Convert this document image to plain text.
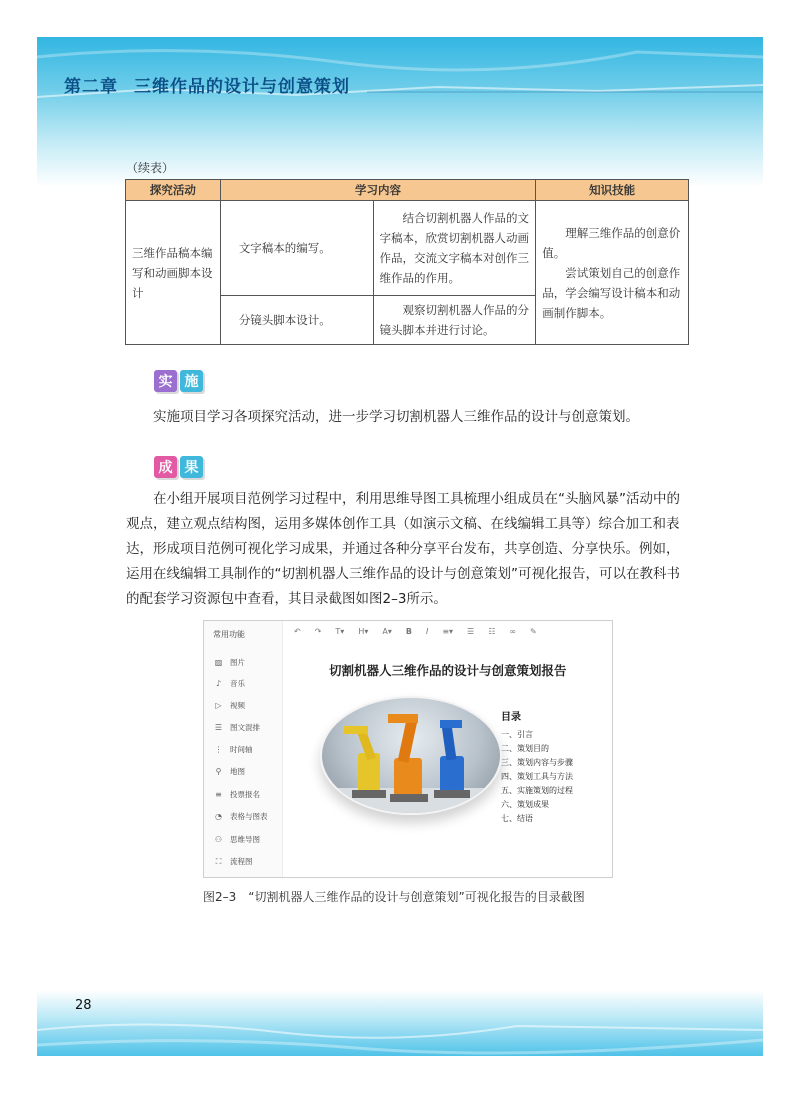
第二章 三维作品的设计与创意策划
（续表）
探究活动	学习内容		知识技能
三维作品稿本编写和动画脚本设计	文字稿本的编写。	结合切割机器人作品的文字稿本，欣赏切割机器人动画作品，交流文字稿本对创作三维作品的作用。	理解三维作品的创意价值。

尝试策划自己的创意作品，学会编写设计稿本和动画制作脚本。

	分镜头脚本设计。	观察切割机器人作品的分镜头脚本并进行讨论。	
实 施

实施项目学习各项探究活动，进一步学习切割机器人三维作品的设计与创意策划。

成 果

在小组开展项目范例学习过程中，利用思维导图工具梳理小组成员在“头脑风暴”活动中的观点，建立观点结构图，运用多媒体创作工具（如演示文稿、在线编辑工具等）综合加工和表达，形成项目范例可视化学习成果，并通过各种分享平台发布，共享创造、分享快乐。例如，运用在线编辑工具制作的“切割机器人三维作品的设计与创意策划”可视化报告，可以在教科书的配套学习资源包中查看，其目录截图如图2–3所示。

常用功能
▨ 图片
♪ 音乐
▷ 视频
☰ 图文混排
⋮ 时间轴
⚲ 地图
≡ 投票报名
◔ 表格与图表
⚇ 思维导图
⛶ 流程图
↶ ↷ T▾ H▾ A▾ B I ≡▾ ☰ ☷ ∞ ✎
切割机器人三维作品的设计与创意策划报告
目录
一、引言
二、策划目的
三、策划内容与步骤
四、策划工具与方法
五、实施策划的过程
六、策划成果
七、结语
图2–3 “切割机器人三维作品的设计与创意策划”可视化报告的目录截图
28
